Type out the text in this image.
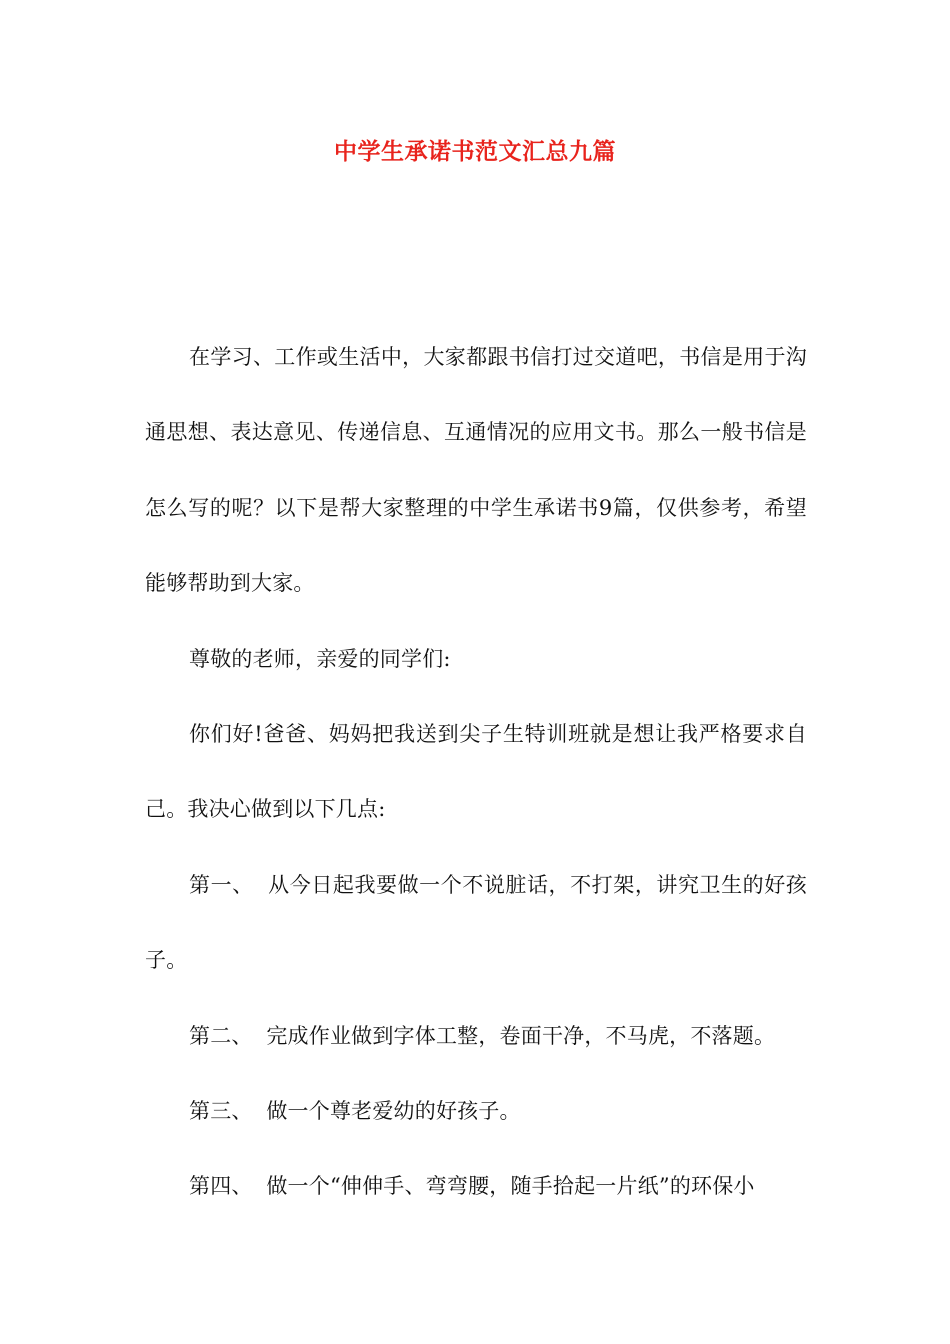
中学生承诺书范文汇总九篇

在学习、工作或生活中，大家都跟书信打过交道吧，书信是用于沟通思想、表达意见、传递信息、互通情况的应用文书。那么一般书信是怎么写的呢？以下是帮大家整理的中学生承诺书9篇，仅供参考，希望能够帮助到大家。

尊敬的老师，亲爱的同学们:

你们好!爸爸、妈妈把我送到尖子生特训班就是想让我严格要求自己。我决心做到以下几点:

第一、  从今日起我要做一个不说脏话，不打架，讲究卫生的好孩子。

第二、  完成作业做到字体工整，卷面干净，不马虎，不落题。

第三、  做一个尊老爱幼的好孩子。

第四、  做一个“伸伸手、弯弯腰，随手拾起一片纸”的环保小
